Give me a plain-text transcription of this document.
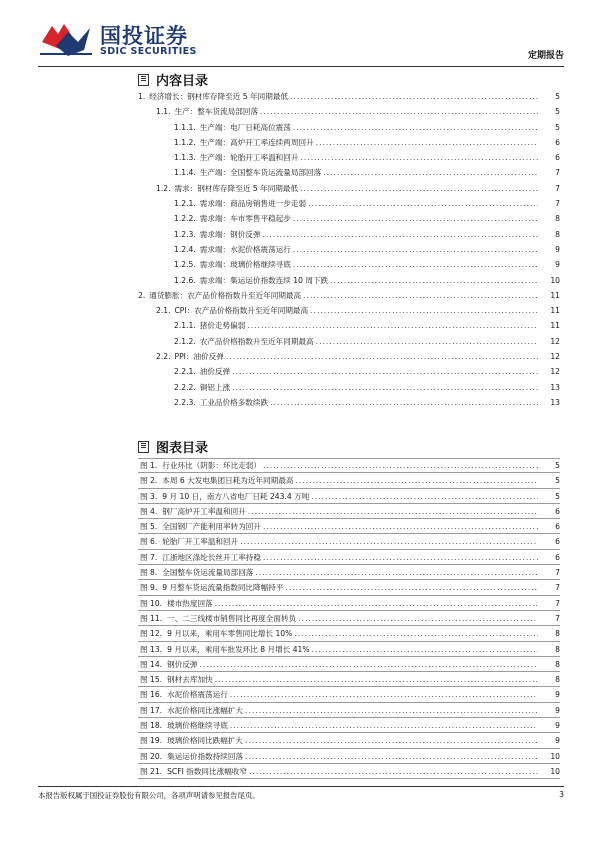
国投证券
SDIC SECURITIES	定期报告
内容目录
1. 经济增长：钢材库存降至近 5 年同期最低 .....	5
1.1. 生产：整车货流局部回落 .....	5
1.1.1. 生产端：电厂日耗高位震荡 .....	5
1.1.2. 生产端：高炉开工率连续两周回升 .....	6
1.1.3. 生产端：轮胎开工率温和回升 .....	6
1.1.4. 生产端：全国整车货运流量局部回落 .....	7
1.2. 需求：钢材库存降至近 5 年同期最低 .....	7
1.2.1. 需求端：商品房销售进一步走弱 .....	7
1.2.2. 需求端：车市零售平稳起步 .....	8
1.2.3. 需求端：钢价反弹 .....	8
1.2.4. 需求端：水泥价格震荡运行 .....	9
1.2.5. 需求端：玻璃价格继续寻底 .....	9
1.2.6. 需求端：集运运价指数连续 10 周下跌 .....	10
2. 通货膨胀：农产品价格指数升至近年同期最高 .....	11
2.1. CPI：农产品价格指数升至近年同期最高 .....	11
2.1.1. 猪价走势偏弱 .....	11
2.1.2. 农产品价格指数升至近年同期最高 .....	12
2.2. PPI：油价反弹 .....	12
2.2.1. 油价反弹 .....	12
2.2.2. 铜铝上涨 .....	13
2.2.3. 工业品价格多数续跌 .....	13
图表目录
图 1. 行业环比（阴影：环比走弱） .....	5
图 2. 本周 6 大发电集团日耗为近年同期最高 .....	5
图 3. 9 月 10 日，南方八省电厂日耗 243.4 万吨 .....	5
图 4. 钢厂高炉开工率温和回升 .....	6
图 5. 全国钢厂产能利用率转为回升 .....	6
图 6. 轮胎厂开工率温和回升 .....	6
图 7. 江浙地区涤纶长丝开工率持稳 .....	6
图 8. 全国整车货运流量局部回落 .....	7
图 9. 9 月整车货运流量指数同比降幅持平 .....	7
图 10. 楼市热度回落 .....	7
图 11. 一、二三线楼市销售同比再度全面转负 .....	7
图 12. 9 月以来，乘用车零售同比增长 10% .....	8
图 13. 9 月以来，乘用车批发环比 8 月增长 41% .....	8
图 14. 钢价反弹 .....	8
图 15. 钢材去库加快 .....	8
图 16. 水泥价格震荡运行 .....	9
图 17. 水泥价格同比涨幅扩大 .....	9
图 18. 玻璃价格继续寻底 .....	9
图 19. 玻璃价格同比跌幅扩大 .....	9
图 20. 集运运价指数持续回落 .....	10
图 21. SCFI 指数同比涨幅收窄 .....	10
本报告版权属于国投证券股份有限公司，各项声明请参见报告尾页。	3
